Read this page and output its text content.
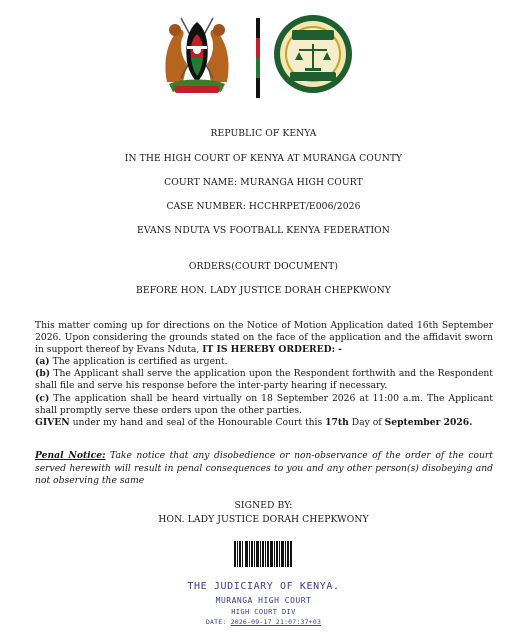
REPUBLIC OF KENYA
IN THE HIGH COURT OF KENYA AT MURANGA COUNTY
COURT NAME: MURANGA HIGH COURT
CASE NUMBER: HCCHRPET/E006/2026
EVANS NDUTA VS FOOTBALL KENYA FEDERATION
ORDERS(COURT DOCUMENT)
BEFORE HON. LADY JUSTICE DORAH CHEPKWONY

This matter coming up for directions on the Notice of Motion Application dated 16th September 2026. Upon considering the grounds stated on the face of the application and the affidavit sworn in support thereof by Evans Nduta, IT IS HEREBY ORDERED: -

(a) The application is certified as urgent.

(b) The Applicant shall serve the application upon the Respondent forthwith and the Respondent shall file and serve his response before the inter-party hearing if necessary.

(c) The application shall be heard virtually on 18 September 2026 at 11:00 a.m. The Applicant shall promptly serve these orders upon the other parties.

GIVEN under my hand and seal of the Honourable Court this 17th Day of September 2026.

Penal Notice: Take notice that any disobedience or non-observance of the order of the court served herewith will result in penal consequences to you and any other person(s) disobeying and not observing the same
SIGNED BY:
HON. LADY JUSTICE DORAH CHEPKWONY
THE JUDICIARY OF KENYA.
MURANGA HIGH COURT
HIGH COURT DIV
DATE: 2026-09-17 21:07:37+03
